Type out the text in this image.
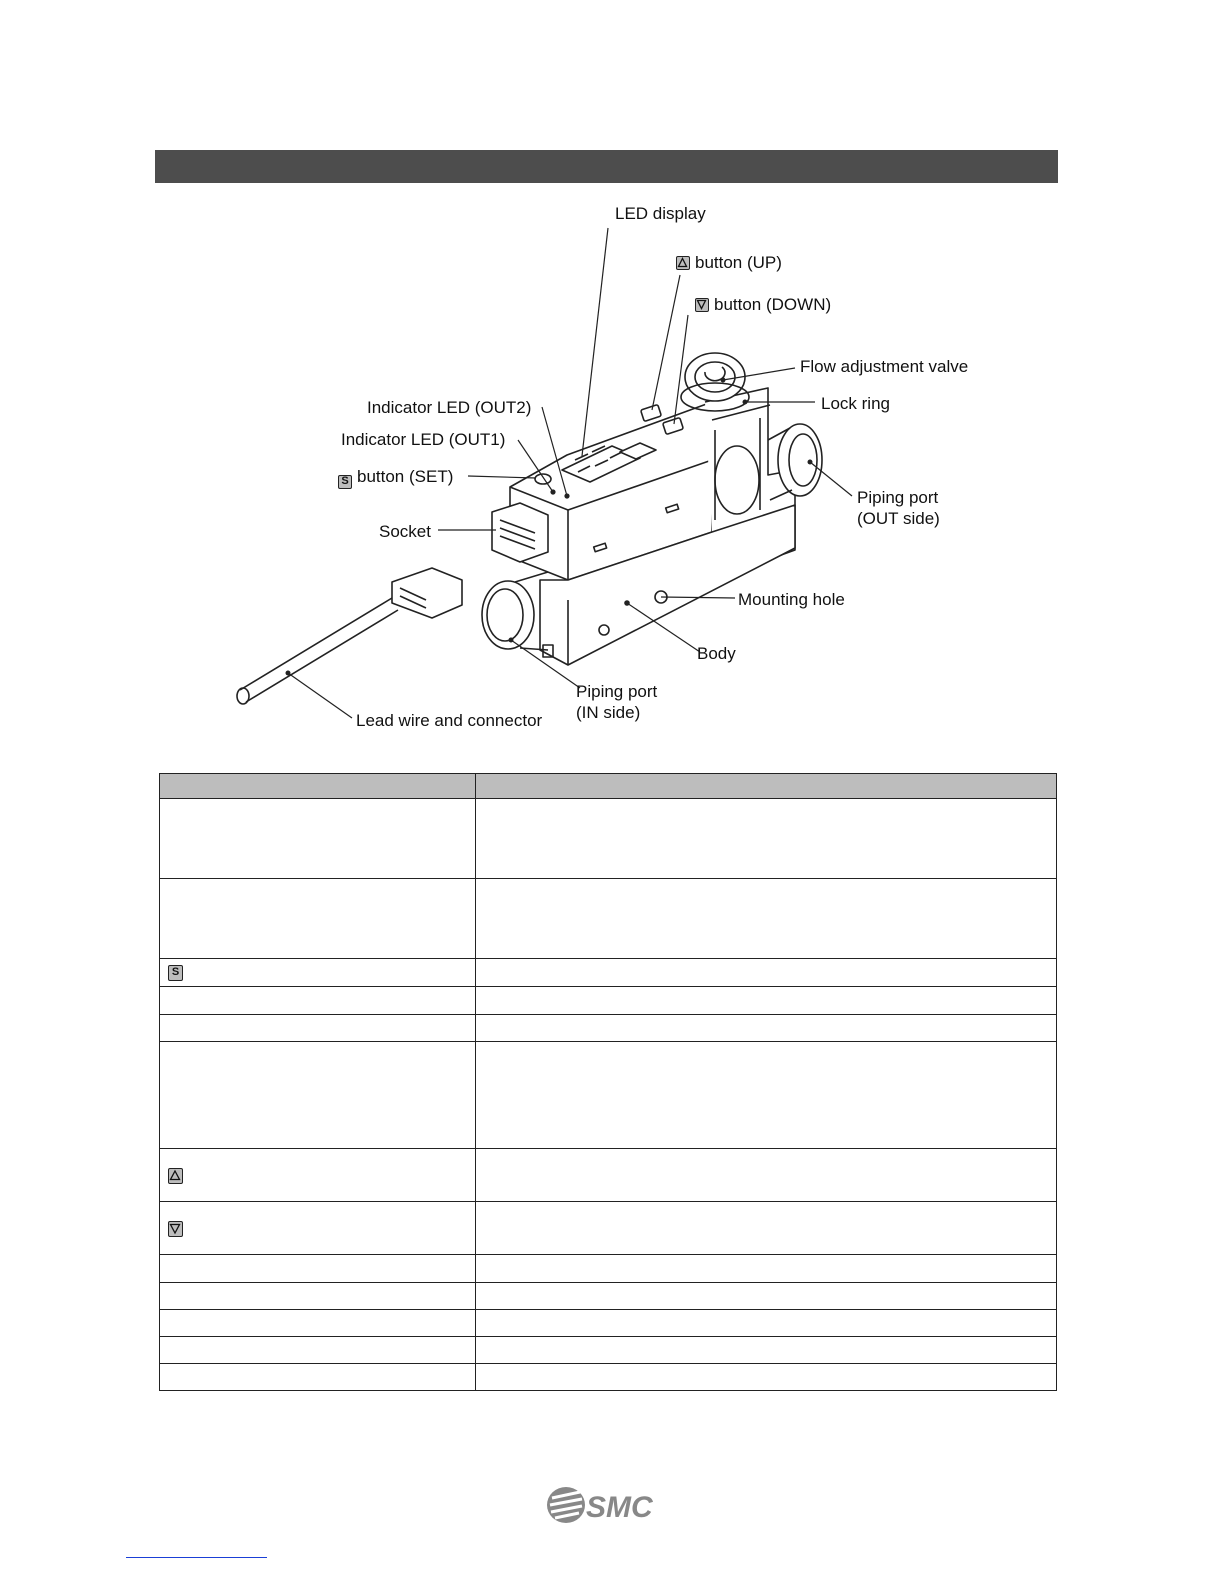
LED display
button (UP)
button (DOWN)
Flow adjustment valve
Lock ring
Indicator LED (OUT2)
Indicator LED (OUT1)
S button (SET)
Socket
Piping port
(OUT side)
Mounting hole
Body
Piping port
(IN side)
Lead wire and connector

S	

SMC
